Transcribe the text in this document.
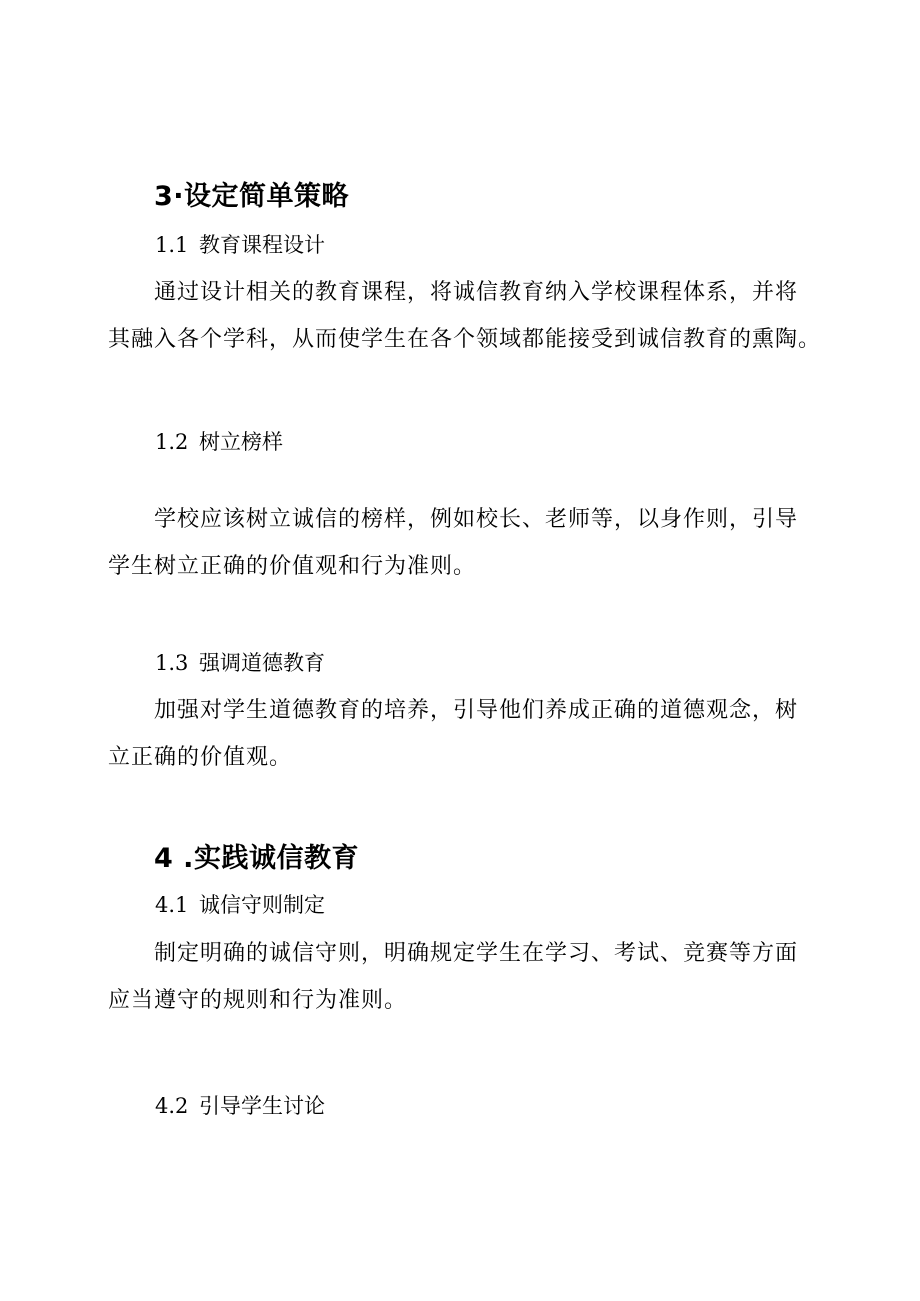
3·设定简单策略
1.1 教育课程设计

通过设计相关的教育课程，将诚信教育纳入学校课程体系，并将

其融入各个学科，从而使学生在各个领域都能接受到诚信教育的熏陶。

1.2 树立榜样

学校应该树立诚信的榜样，例如校长、老师等，以身作则，引导

学生树立正确的价值观和行为准则。

1.3 强调道德教育

加强对学生道德教育的培养，引导他们养成正确的道德观念，树

立正确的价值观。

4 .实践诚信教育
4.1 诚信守则制定

制定明确的诚信守则，明确规定学生在学习、考试、竞赛等方面

应当遵守的规则和行为准则。

4.2 引导学生讨论
